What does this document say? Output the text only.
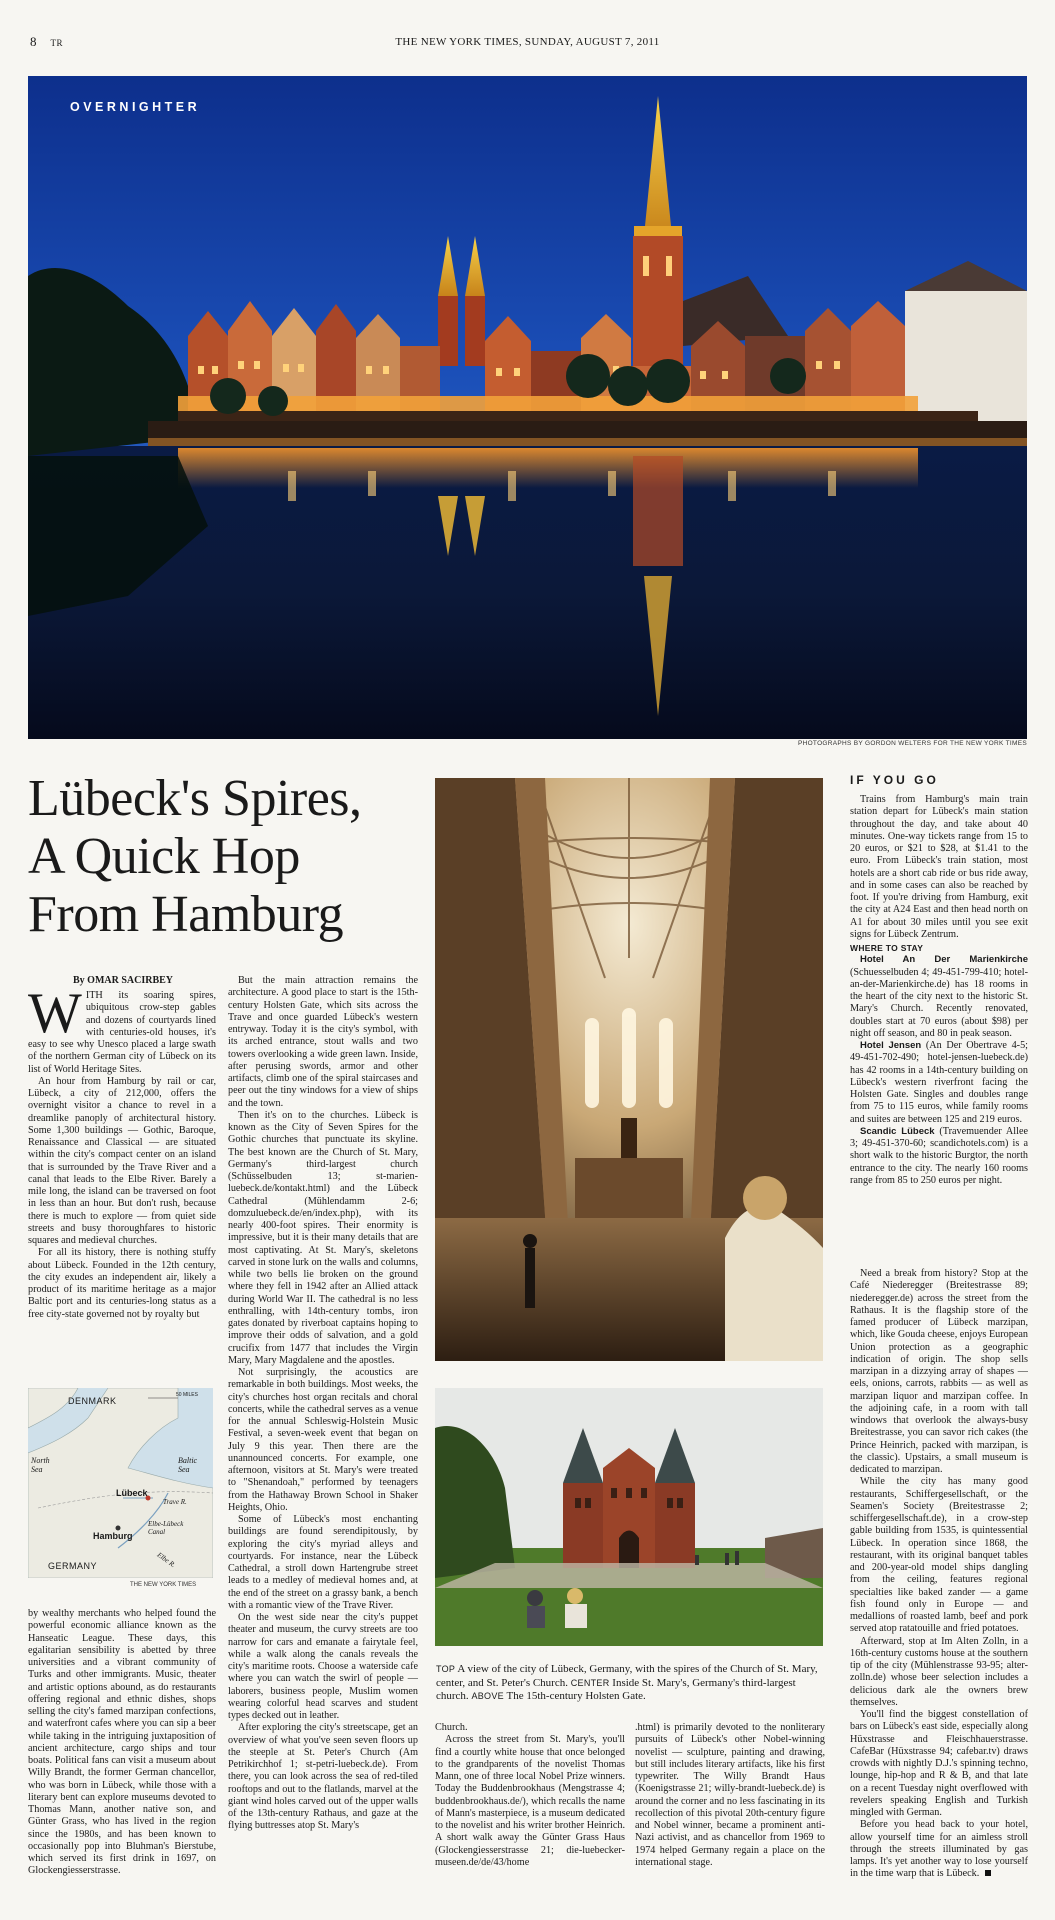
8 TR	THE NEW YORK TIMES, SUNDAY, AUGUST 7, 2011
OVERNIGHTER
PHOTOGRAPHS BY GORDON WELTERS FOR THE NEW YORK TIMES
Lübeck's Spires,
A Quick Hop
From Hamburg
By OMAR SACIRBEY

WITH its soaring spires, ubiquitous crow-step gables and dozens of courtyards lined with centuries-old houses, it's easy to see why Unesco placed a large swath of the northern German city of Lübeck on its list of World Heritage Sites.

An hour from Hamburg by rail or car, Lübeck, a city of 212,000, offers the overnight visitor a chance to revel in a dreamlike panoply of architectural history. Some 1,300 buildings — Gothic, Baroque, Renaissance and Classical — are situated within the city's compact center on an island that is surrounded by the Trave River and a canal that leads to the Elbe River. Barely a mile long, the island can be traversed on foot in less than an hour. But don't rush, because there is much to explore — from quiet side streets and busy thoroughfares to historic squares and medieval churches.

For all its history, there is nothing stuffy about Lübeck. Founded in the 12th century, the city exudes an independent air, likely a product of its maritime heritage as a major Baltic port and its centuries-long status as a free city-state governed not by royalty but

DENMARK
50 MILES
North Sea
Baltic Sea
Lübeck
Trave R.
Elbe-Lübeck Canal
Hamburg
GERMANY	Elbe R.
THE NEW YORK TIMES

by wealthy merchants who helped found the powerful economic alliance known as the Hanseatic League. These days, this egalitarian sensibility is abetted by three universities and a vibrant community of Turks and other immigrants. Music, theater and artistic options abound, as do restaurants offering regional and ethnic dishes, shops selling the city's famed marzipan confections, and waterfront cafes where you can sip a beer while taking in the intriguing juxtaposition of ancient architecture, cargo ships and tour boats. Political fans can visit a museum about Willy Brandt, the former German chancellor, who was born in Lübeck, while those with a literary bent can explore museums devoted to Thomas Mann, another native son, and Günter Grass, who has lived in the region since the 1980s, and has been known to occasionally pop into Bluhman's Bierstube, which served its first drink in 1697, on Glockengiesserstrasse.

But the main attraction remains the architecture. A good place to start is the 15th-century Holsten Gate, which sits across the Trave and once guarded Lübeck's western entryway. Today it is the city's symbol, with its arched entrance, stout walls and two towers overlooking a wide green lawn. Inside, after perusing swords, armor and other artifacts, climb one of the spiral staircases and peer out the tiny windows for a view of ships and the town.

Then it's on to the churches. Lübeck is known as the City of Seven Spires for the Gothic churches that punctuate its skyline. The best known are the Church of St. Mary, Germany's third-largest church (Schüsselbuden 13; st-marien-luebeck.de/kontakt.html) and the Lübeck Cathedral (Mühlendamm 2-6; domzuluebeck.de/en/index.php), with its nearly 400-foot spires. Their enormity is impressive, but it is their many details that are most captivating. At St. Mary's, skeletons carved in stone lurk on the walls and columns, while two bells lie broken on the ground where they fell in 1942 after an Allied attack during World War II. The cathedral is no less enthralling, with 14th-century tombs, iron gates donated by riverboat captains hoping to improve their odds of salvation, and a gold crucifix from 1477 that includes the Virgin Mary, Mary Magdalene and the apostles.

Not surprisingly, the acoustics are remarkable in both buildings. Most weeks, the city's churches host organ recitals and choral concerts, while the cathedral serves as a venue for the annual Schleswig-Holstein Music Festival, a seven-week event that began on July 9 this year. Then there are the unannounced concerts. For example, one afternoon, visitors at St. Mary's were treated to "Shenandoah," performed by teenagers from the Hathaway Brown School in Shaker Heights, Ohio.

Some of Lübeck's most enchanting buildings are found serendipitously, by exploring the city's myriad alleys and courtyards. For instance, near the Lübeck Cathedral, a stroll down Hartengrube street leads to a medley of medieval homes and, at the end of the street on a grassy bank, a bench with a romantic view of the Trave River.

On the west side near the city's puppet theater and museum, the curvy streets are too narrow for cars and emanate a fairytale feel, while a walk along the canals reveals the city's maritime roots. Choose a waterside cafe where you can watch the swirl of people — laborers, business people, Muslim women wearing colorful head scarves and student types decked out in leather.

After exploring the city's streetscape, get an overview of what you've seen seven floors up the steeple at St. Peter's Church (Am Petrikirchhof 1; st-petri-luebeck.de). From there, you can look across the sea of red-tiled rooftops and out to the flatlands, marvel at the giant wind holes carved out of the upper walls of the 13th-century Rathaus, and gaze at the flying buttresses atop St. Mary's

TOP A view of the city of Lübeck, Germany, with the spires of the Church of St. Mary, center, and St. Peter's Church. CENTER Inside St. Mary's, Germany's third-largest church. ABOVE The 15th-century Holsten Gate.

Church.

Across the street from St. Mary's, you'll find a courtly white house that once belonged to the grandparents of the novelist Thomas Mann, one of three local Nobel Prize winners. Today the Buddenbrookhaus (Mengstrasse 4; buddenbrookhaus.de/), which recalls the name of Mann's masterpiece, is a museum dedicated to the novelist and his writer brother Heinrich. A short walk away the Günter Grass Haus (Glockengiesserstrasse 21; die-luebecker-museen.de/de/43/home

.html) is primarily devoted to the nonliterary pursuits of Lübeck's other Nobel-winning novelist — sculpture, painting and drawing, but still includes literary artifacts, like his first typewriter. The Willy Brandt Haus (Koenigstrasse 21; willy-brandt-luebeck.de) is around the corner and no less fascinating in its recollection of this pivotal 20th-century figure and Nobel winner, became a prominent anti-Nazi activist, and as chancellor from 1969 to 1974 helped Germany regain a place on the international stage.

IF YOU GO

Trains from Hamburg's main train station depart for Lübeck's main station throughout the day, and take about 40 minutes. One-way tickets range from 15 to 20 euros, or $21 to $28, at $1.41 to the euro. From Lübeck's train station, most hotels are a short cab ride or bus ride away, and in some cases can also be reached by foot. If you're driving from Hamburg, exit the city at A24 East and then head north on A1 for about 30 miles until you see exit signs for Lübeck Zentrum.

WHERE TO STAY

Hotel An Der Marienkirche (Schuesselbuden 4; 49-451-799-410; hotel-an-der-Marienkirche.de) has 18 rooms in the heart of the city next to the historic St. Mary's Church. Recently renovated, doubles start at 70 euros (about $98) per night off season, and 80 in peak season.

Hotel Jensen (An Der Obertrave 4-5; 49-451-702-490; hotel-jensen-luebeck.de) has 42 rooms in a 14th-century building on Lübeck's western riverfront facing the Holsten Gate. Singles and doubles range from 75 to 115 euros, while family rooms and suites are between 125 and 219 euros.

Scandic Lübeck (Travemuender Allee 3; 49-451-370-60; scandichotels.com) is a short walk to the historic Burgtor, the north entrance to the city. The nearly 160 rooms range from 85 to 250 euros per night.

Need a break from history? Stop at the Café Niederegger (Breitestrasse 89; niederegger.de) across the street from the Rathaus. It is the flagship store of the famed producer of Lübeck marzipan, which, like Gouda cheese, enjoys European Union protection as a geographic indication of origin. The shop sells marzipan in a dizzying array of shapes — eels, onions, carrots, rabbits — as well as marzipan liquor and marzipan coffee. In the adjoining cafe, in a room with tall windows that overlook the always-busy Breitestrasse, you can savor rich cakes (the Prince Heinrich, packed with marzipan, is the classic). Upstairs, a small museum is dedicated to marzipan.

While the city has many good restaurants, Schiffergesellschaft, or the Seamen's Society (Breitestrasse 2; schiffergesellschaft.de), in a crow-step gable building from 1535, is quintessential Lübeck. In operation since 1868, the restaurant, with its original banquet tables and 200-year-old model ships dangling from the ceiling, features regional specialties like baked zander — a game fish found only in Europe — and medallions of roasted lamb, beef and pork served atop ratatouille and fried potatoes.

Afterward, stop at Im Alten Zolln, in a 16th-century customs house at the southern tip of the city (Mühlenstrasse 93-95; alter-zolln.de) whose beer selection includes a delicious dark ale the owners brew themselves.

You'll find the biggest constellation of bars on Lübeck's east side, especially along Hüxstrasse and Fleischhauerstrasse. CafeBar (Hüxstrasse 94; cafebar.tv) draws crowds with nightly D.J.'s spinning techno, lounge, hip-hop and R & B, and that late on a recent Tuesday night overflowed with revelers speaking English and Turkish mingled with German.

Before you head back to your hotel, allow yourself time for an aimless stroll through the streets illuminated by gas lamps. It's yet another way to lose yourself in the time warp that is Lübeck.
